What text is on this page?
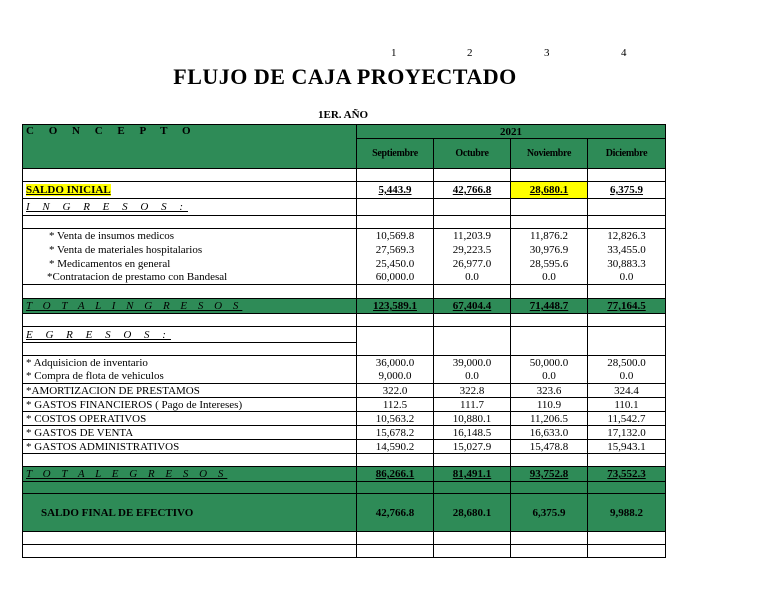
1	2	3	4
FLUJO DE CAJA PROYECTADO
1ER. AÑO
C O N C E P T O	2021			
	Septiembre	Octubre	Noviembre	Diciembre

SALDO INICIAL	5,443.9	42,766.8	28,680.1	6,375.9
I N G R E S O S :				

* Venta de insumos medicos	10,569.8	11,203.9	11,876.2	12,826.3
* Venta de materiales hospitalarios	27,569.3	29,223.5	30,976.9	33,455.0
* Medicamentos en general	25,450.0	26,977.0	28,595.6	30,883.3
*Contratacion de prestamo con Bandesal	60,000.0	0.0	0.0	0.0

T O T A L I N G R E S O S	123,589.1	67,404.4	71,448.7	77,164.5

E G R E S O S :				

* Adquisicion de inventario	36,000.0	39,000.0	50,000.0	28,500.0
* Compra de flota de vehiculos	9,000.0	0.0	0.0	0.0
*AMORTIZACION DE PRESTAMOS	322.0	322.8	323.6	324.4
* GASTOS FINANCIEROS ( Pago de Intereses)	112.5	111.7	110.9	110.1
* COSTOS OPERATIVOS	10,563.2	10,880.1	11,206.5	11,542.7
* GASTOS DE VENTA	15,678.2	16,148.5	16,633.0	17,132.0
* GASTOS ADMINISTRATIVOS	14,590.2	15,027.9	15,478.8	15,943.1

T O T A L E G R E S O S	86,266.1	81,491.1	93,752.8	73,552.3

SALDO FINAL DE EFECTIVO	42,766.8	28,680.1	6,375.9	9,988.2
